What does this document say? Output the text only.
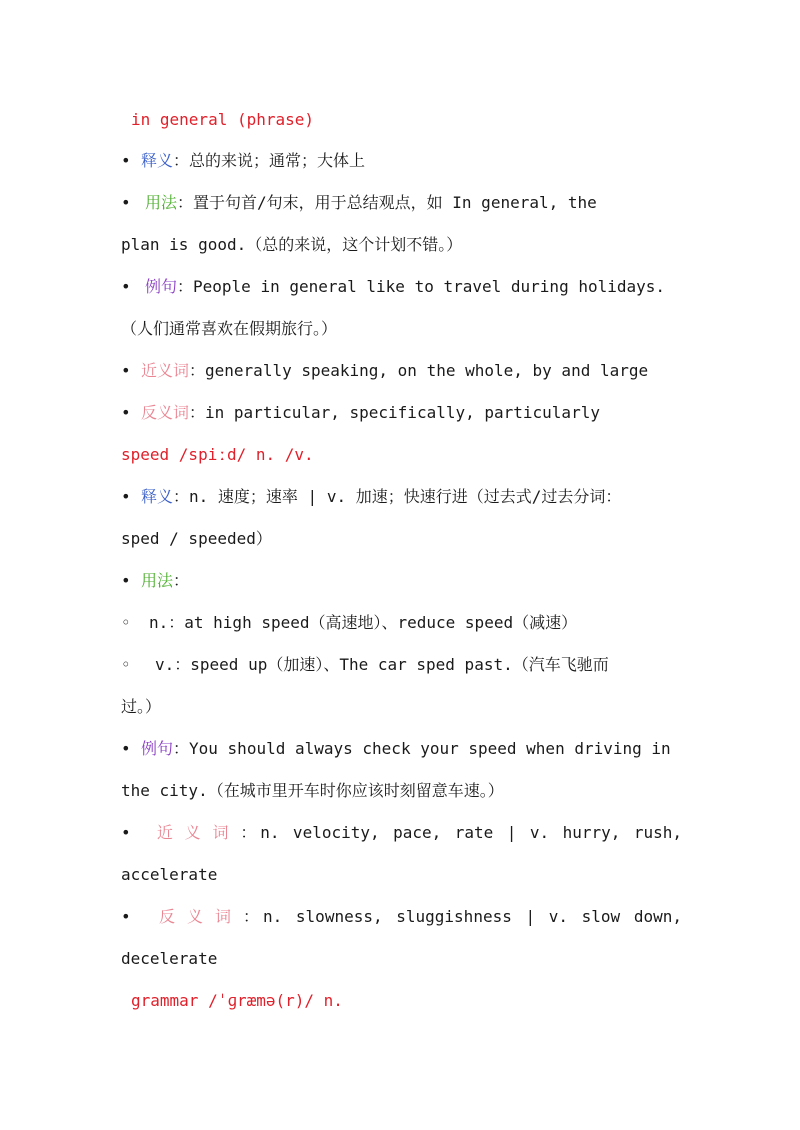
in general (phrase)
• 释义：总的来说；通常；大体上
• 用法：置于句首/句末，用于总结观点，如 In general, the
plan is good.（总的来说，这个计划不错。）
• 例句：People in general like to travel during holidays.
（人们通常喜欢在假期旅行。）
• 近义词：generally speaking, on the whole, by and large
• 反义词：in particular, specifically, particularly
speed /spiːd/ n. /v.
• 释义：n. 速度；速率 | v. 加速；快速行进（过去式/过去分词：
sped / speeded）
• 用法：
◦ n.：at high speed（高速地）、reduce speed（减速）
◦ v.：speed up（加速）、The car sped past.（汽车飞驰而
过。）
• 例句：You should always check your speed when driving in
the city.（在城市里开车时你应该时刻留意车速。）
• 近义词：n. velocity, pace, rate | v. hurry, rush,
accelerate
• 反义词：n. slowness, sluggishness | v. slow down,
decelerate
grammar /ˈɡræmə(r)/ n.
